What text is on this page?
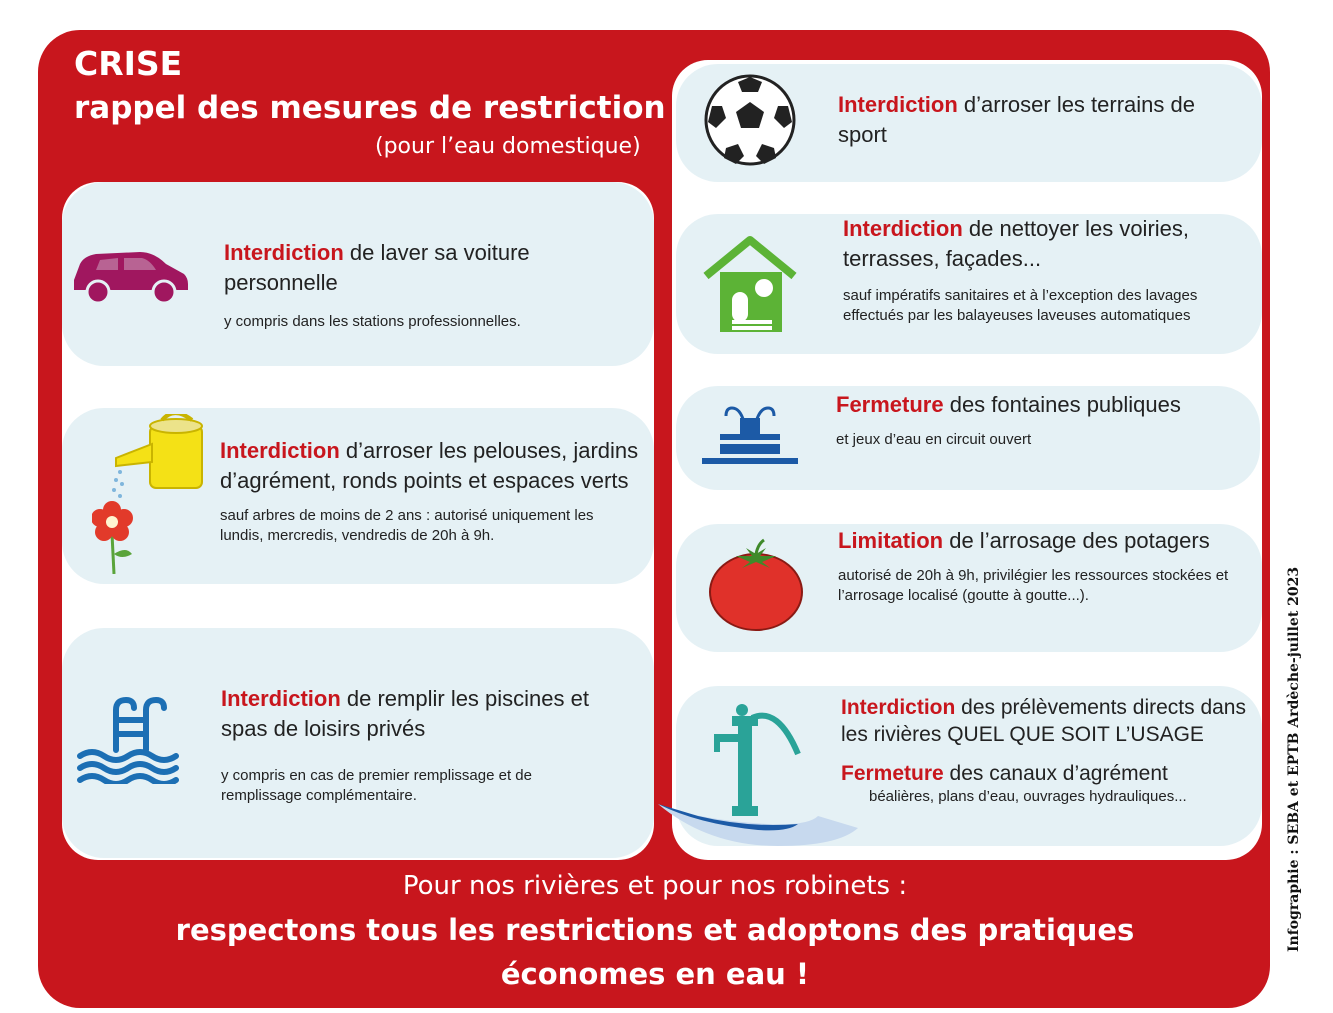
CRISE
rappel des mesures de restriction
(pour l’eau domestique)
Interdiction de laver sa voiture personnelle
y compris dans les stations professionnelles.
Interdiction d’arroser les pelouses, jardins d’agrément, ronds points et espaces verts
sauf arbres de moins de 2 ans : autorisé uniquement les lundis, mercredis, vendredis de 20h à 9h.
Interdiction de remplir les piscines et spas de loisirs privés
y compris en cas de premier remplissage et de remplissage complémentaire.
Interdiction d’arroser les terrains de sport
Interdiction de nettoyer les voiries, terrasses, façades...
sauf impératifs sanitaires et à l’exception des lavages effectués par les balayeuses laveuses automatiques
Fermeture des fontaines publiques
et jeux d’eau en circuit ouvert
Limitation de l’arrosage des potagers
autorisé de 20h à 9h, privilégier les ressources stockées et l’arrosage localisé (goutte à goutte...).
Interdiction des prélèvements directs dans les rivières QUEL QUE SOIT L’USAGE
Fermeture des canaux d’agrément
béalières, plans d’eau, ouvrages hydrauliques...
Pour nos rivières et pour nos robinets :
respectons tous les restrictions et adoptons des pratiques
économes en eau !
Infographie : SEBA et EPTB Ardèche-juillet 2023
